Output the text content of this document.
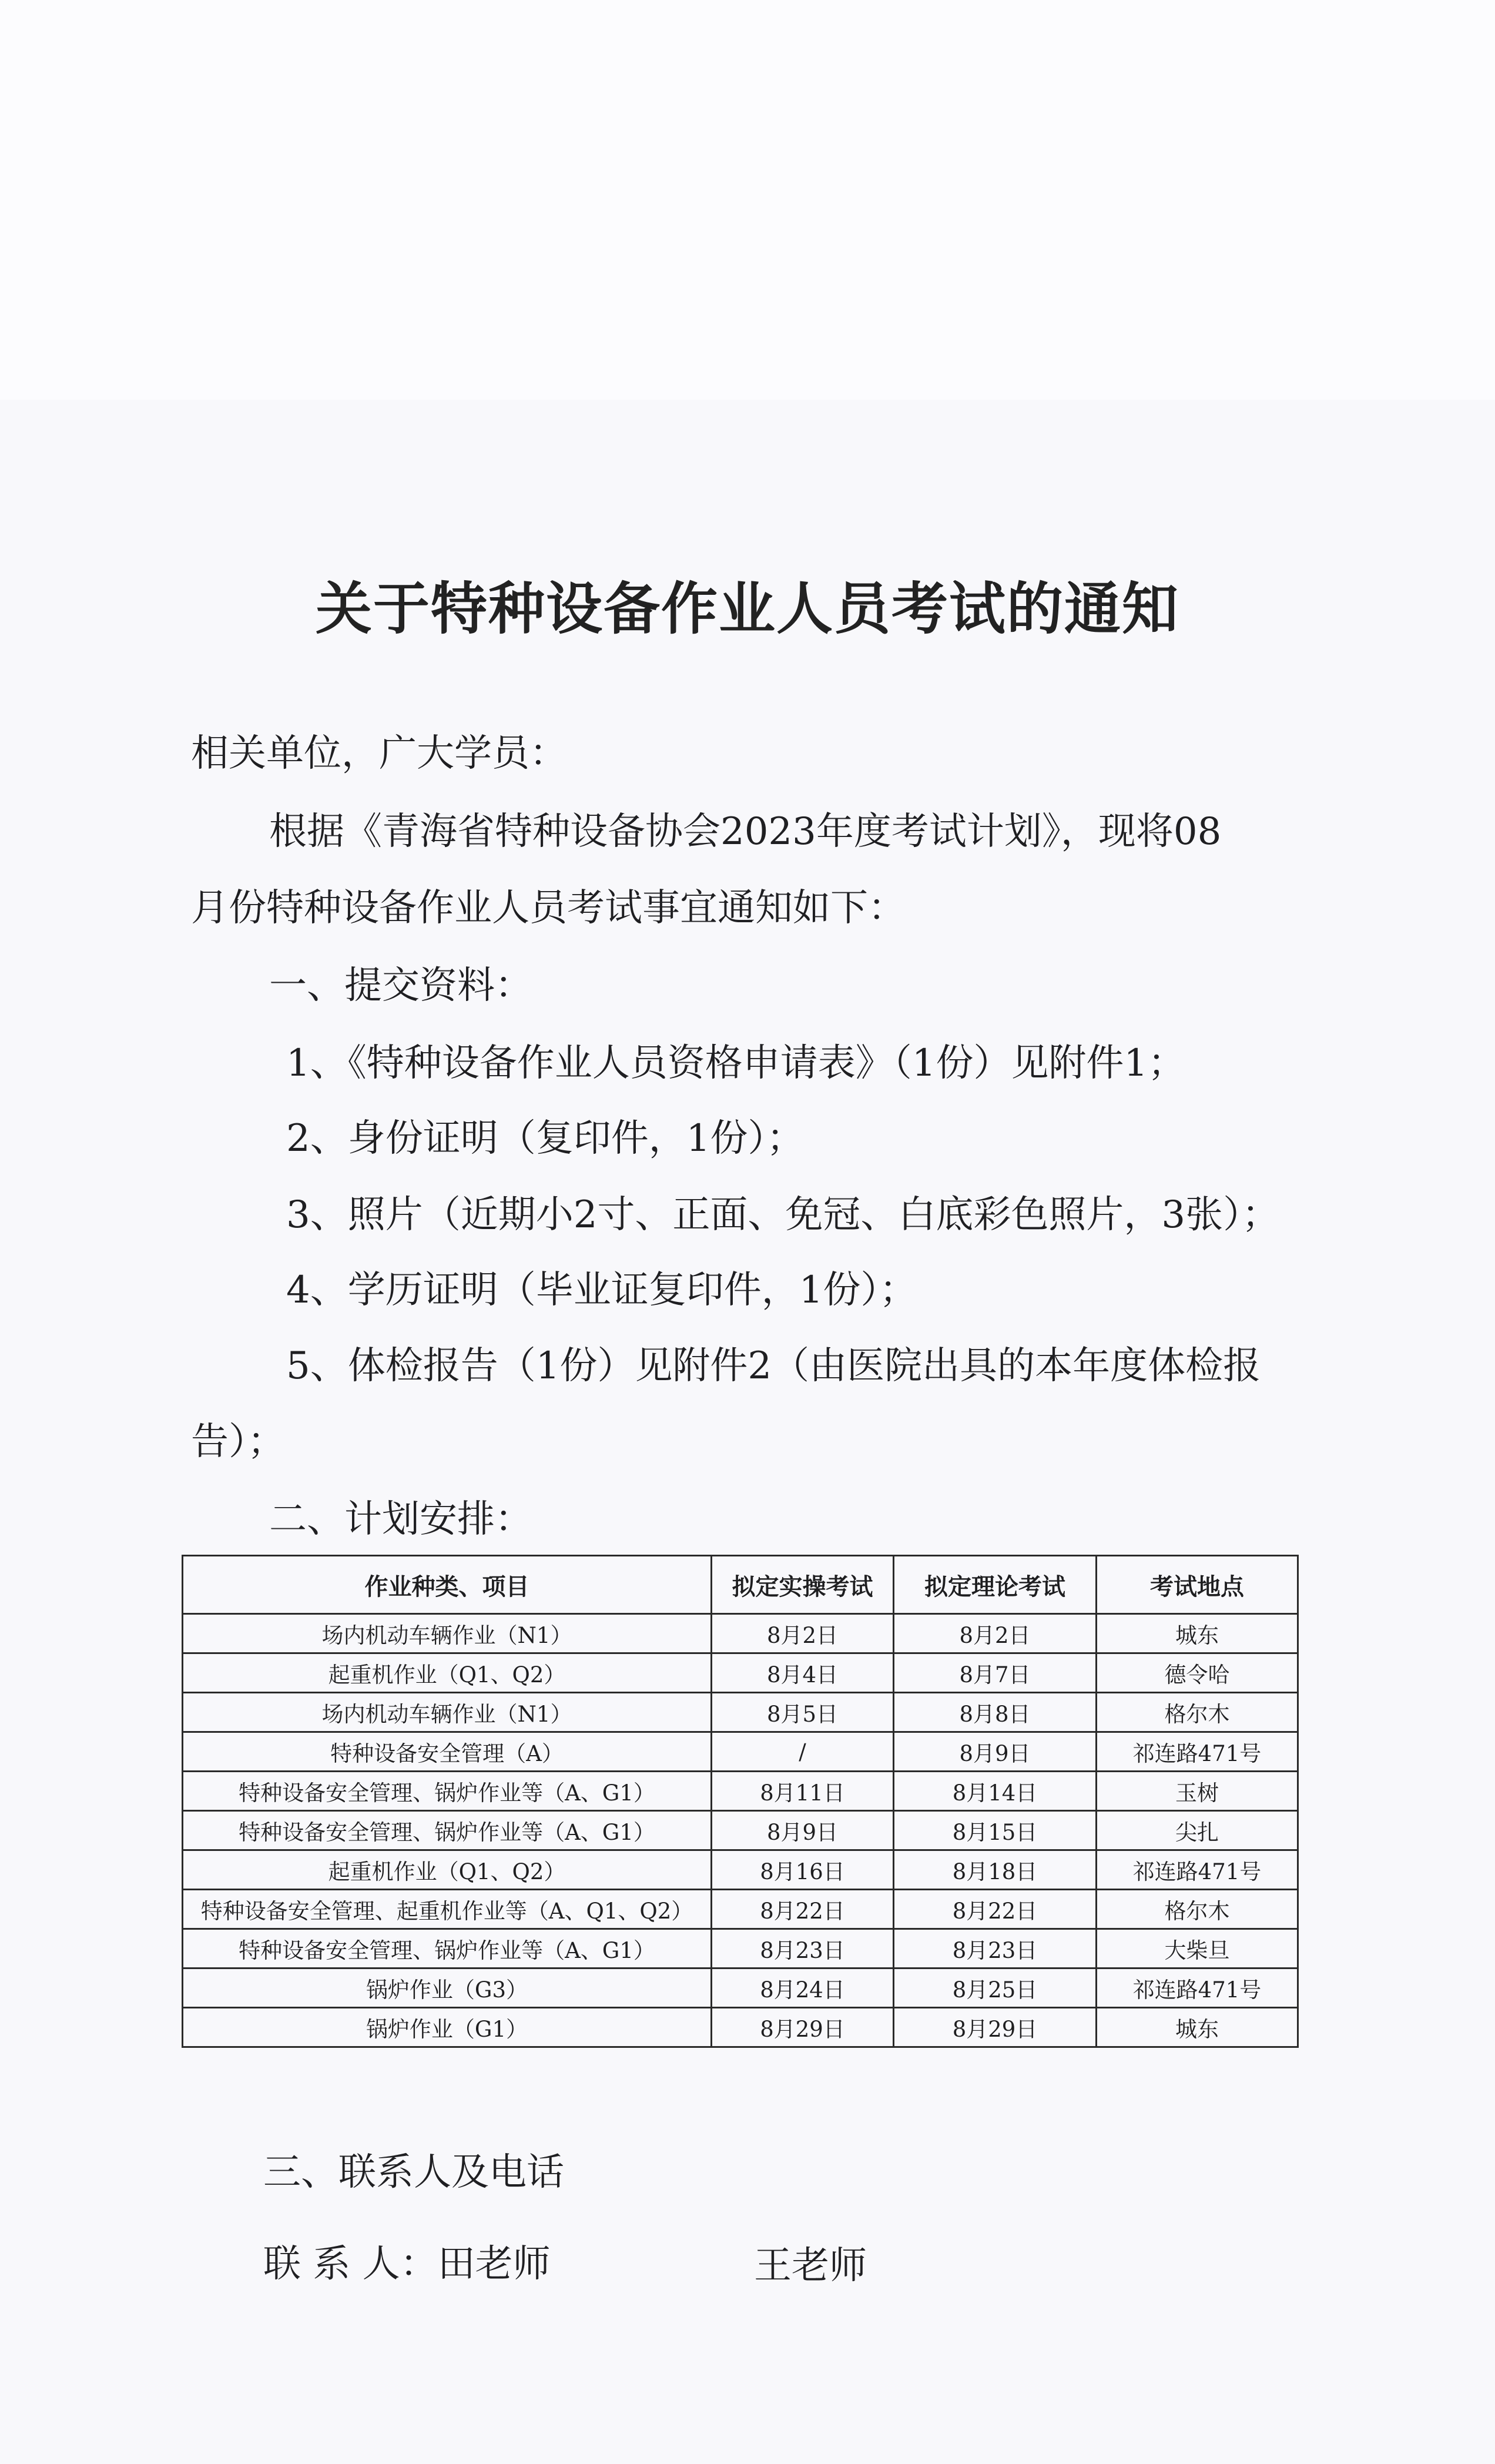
关于特种设备作业人员考试的通知
相关单位，广大学员：
根据《青海省特种设备协会2023年度考试计划》，现将08
月份特种设备作业人员考试事宜通知如下：
一、提交资料：
1、《特种设备作业人员资格申请表》（1份）见附件1；
2、身份证明（复印件，1份）；
3、照片（近期小2寸、正面、免冠、白底彩色照片，3张）；
4、学历证明（毕业证复印件，1份）；
5、体检报告（1份）见附件2（由医院出具的本年度体检报
告）；
二、计划安排：
作业种类、项目	拟定实操考试	拟定理论考试	考试地点
场内机动车辆作业（N1）	8月2日	8月2日	城东
起重机作业（Q1、Q2）	8月4日	8月7日	德令哈
场内机动车辆作业（N1）	8月5日	8月8日	格尔木
特种设备安全管理（A）	/	8月9日	祁连路471号
特种设备安全管理、锅炉作业等（A、G1）	8月11日	8月14日	玉树
特种设备安全管理、锅炉作业等（A、G1）	8月9日	8月15日	尖扎
起重机作业（Q1、Q2）	8月16日	8月18日	祁连路471号
特种设备安全管理、起重机作业等（A、Q1、Q2）	8月22日	8月22日	格尔木
特种设备安全管理、锅炉作业等（A、G1）	8月23日	8月23日	大柴旦
锅炉作业（G3）	8月24日	8月25日	祁连路471号
锅炉作业（G1）	8月29日	8月29日	城东
三、联系人及电话
联 系 人：田老师	王老师
